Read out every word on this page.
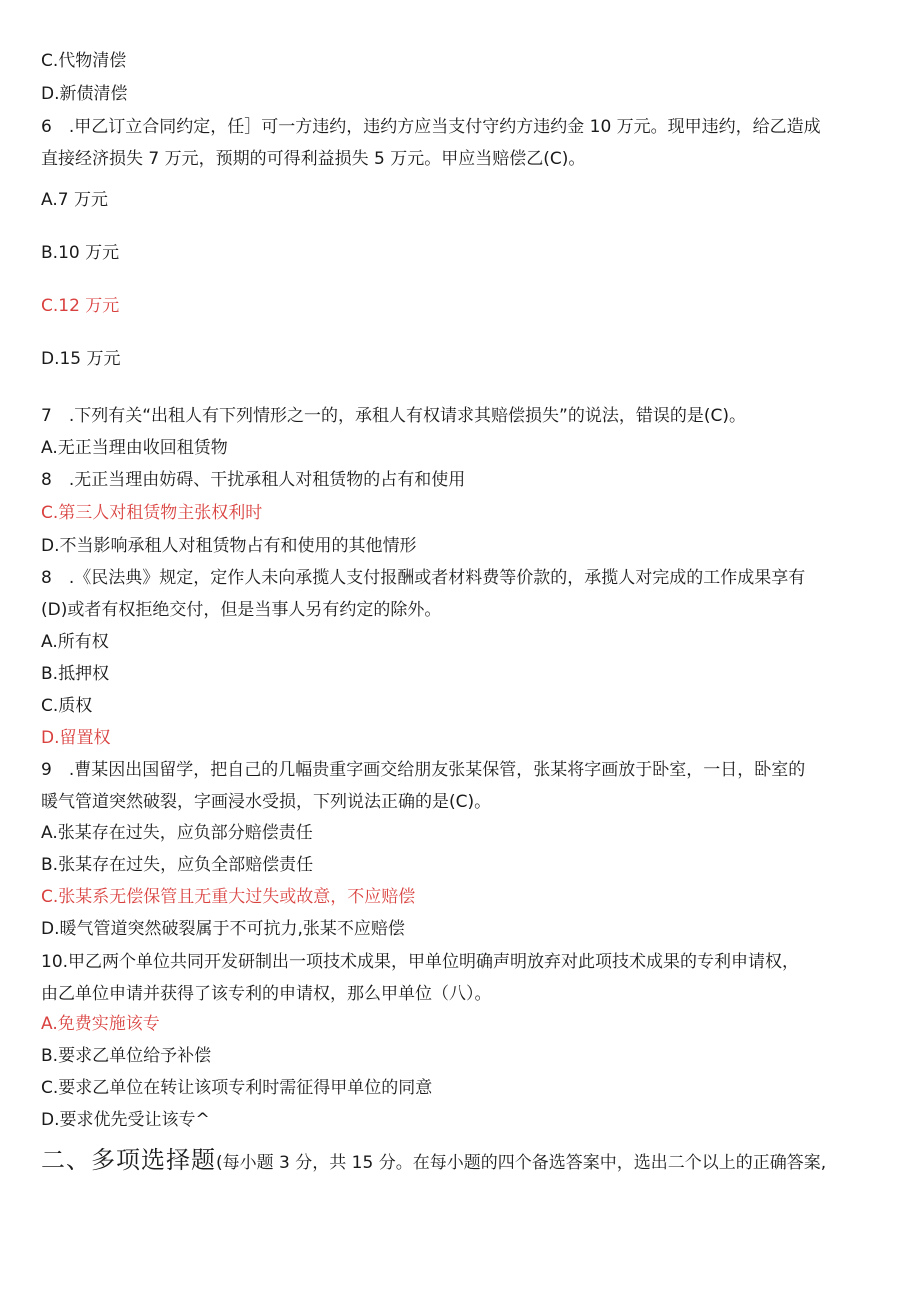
C.代物清偿

D.新债清偿

6　.甲乙订立合同约定，任］可一方违约，违约方应当支付守约方违约金 10 万元。现甲违约，给乙造成

直接经济损失 7 万元，预期的可得利益损失 5 万元。甲应当赔偿乙(C)。

A.7 万元

B.10 万元

C.12 万元

D.15 万元

7　.下列有关“出租人有下列情形之一的，承租人有权请求其赔偿损失”的说法，错误的是(C)。

A.无正当理由收回租赁物

8　.无正当理由妨碍、干扰承租人对租赁物的占有和使用

C.第三人对租赁物主张权利时

D.不当影响承租人对租赁物占有和使用的其他情形

8　.《民法典》规定，定作人未向承揽人支付报酬或者材料费等价款的，承揽人对完成的工作成果享有

(D)或者有权拒绝交付，但是当事人另有约定的除外。

A.所有权

B.抵押权

C.质权

D.留置权

9　.曹某因出国留学，把自己的几幅贵重字画交给朋友张某保管，张某将字画放于卧室，一日，卧室的

暖气管道突然破裂，字画浸水受损，下列说法正确的是(C)。

A.张某存在过失，应负部分赔偿责任

B.张某存在过失，应负全部赔偿责任

C.张某系无偿保管且无重大过失或故意，不应赔偿

D.暖气管道突然破裂属于不可抗力,张某不应赔偿

10.甲乙两个单位共同开发研制出一项技术成果，甲单位明确声明放弃对此项技术成果的专利申请权，

由乙单位申请并获得了该专利的申请权，那么甲单位（八）。

A.免费实施该专

B.要求乙单位给予补偿

C.要求乙单位在转让该项专利时需征得甲单位的同意

D.要求优先受让该专^

二、多项选择题(每小题 3 分，共 15 分。在每小题的四个备选答案中，选出二个以上的正确答案,
